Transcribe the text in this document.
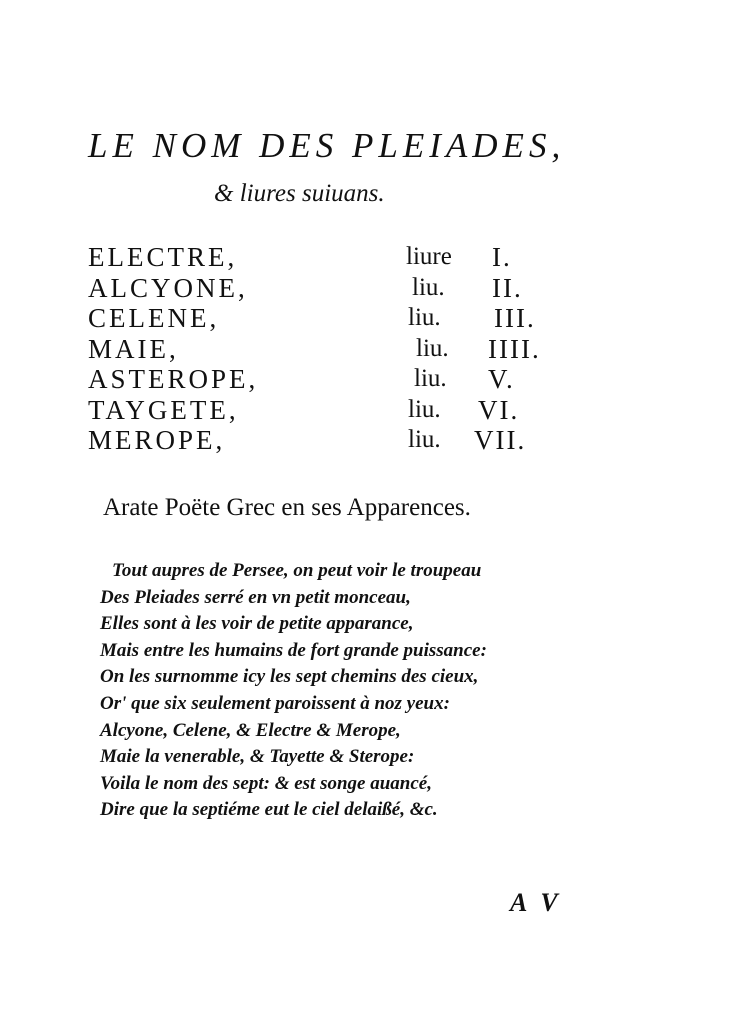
LE NOM DES PLEIADES,
& liures suiuans.
ELECTRE,	liure I.
ALCYONE,	liu. II.
CELENE,	liu. III.
MAIE,	liu. IIII.
ASTEROPE,	liu. V.
TAYGETE,	liu. VI.
MEROPE,	liu. VII.
Arate Poëte Grec en ses Apparences.
Tout aupres de Persee, on peut voir le troupeau
Des Pleiades serré en vn petit monceau,
Elles sont à les voir de petite apparance,
Mais entre les humains de fort grande puissance:
On les surnomme icy les sept chemins des cieux,
Or' que six seulement paroissent à noz yeux:
Alcyone, Celene, & Electre & Merope,
Maie la venerable, & Tayette & Sterope:
Voila le nom des sept: & est songe auancé,
Dire que la septiéme eut le ciel delaißé, &c.
A V
